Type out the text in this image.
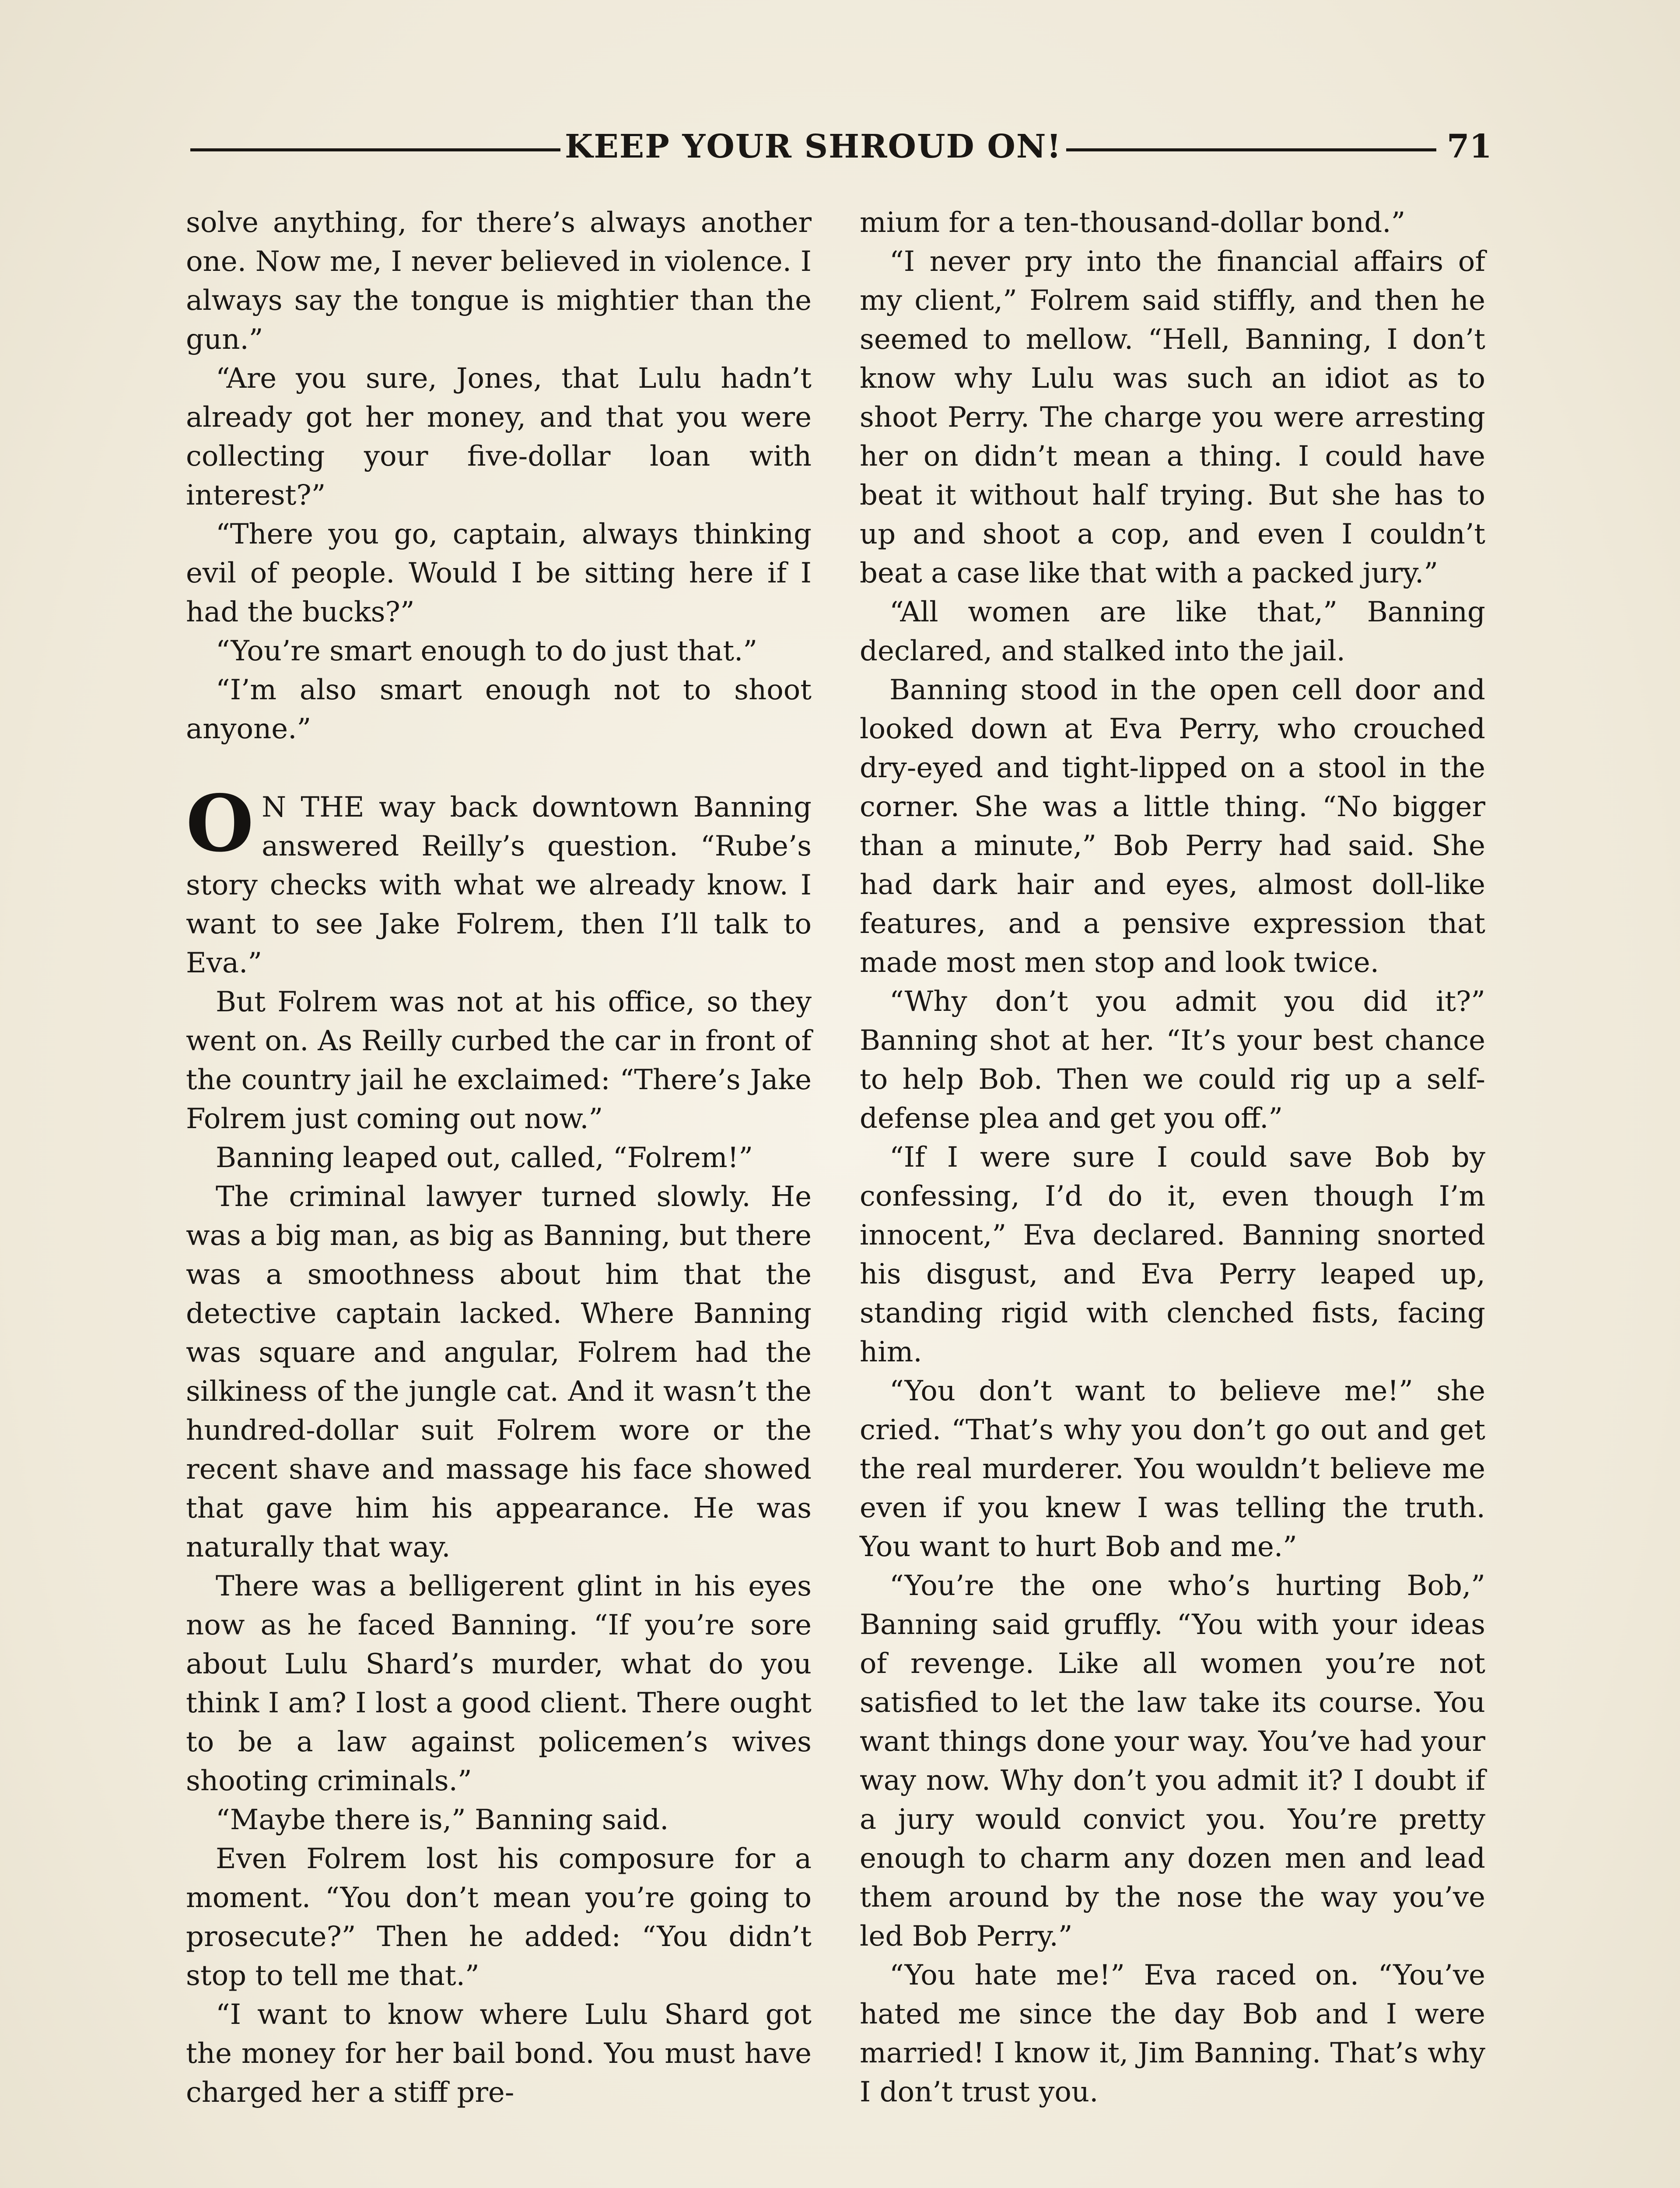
KEEP YOUR SHROUD ON!	71

solve anything, for there’s always another one. Now me, I never believed in violence. I always say the tongue is mightier than the gun.”

“Are you sure, Jones, that Lulu hadn’t already got her money, and that you were collecting your five-dollar loan with interest?”

“There you go, captain, always thinking evil of people. Would I be sitting here if I had the bucks?”

“You’re smart enough to do just that.”

“I’m also smart enough not to shoot anyone.”

O N THE way back downtown Banning answered Reilly’s question. “Rube’s story checks with what we already know. I want to see Jake Folrem, then I’ll talk to Eva.”

But Folrem was not at his office, so they went on. As Reilly curbed the car in front of the country jail he exclaimed: “There’s Jake Folrem just coming out now.”

Banning leaped out, called, “Folrem!”

The criminal lawyer turned slowly. He was a big man, as big as Banning, but there was a smoothness about him that the detective captain lacked. Where Banning was square and angular, Folrem had the silkiness of the jungle cat. And it wasn’t the hundred-dollar suit Folrem wore or the recent shave and massage his face showed that gave him his appearance. He was naturally that way.

There was a belligerent glint in his eyes now as he faced Banning. “If you’re sore about Lulu Shard’s murder, what do you think I am? I lost a good client. There ought to be a law against policemen’s wives shooting criminals.”

“Maybe there is,” Banning said.

Even Folrem lost his composure for a moment. “You don’t mean you’re going to prosecute?” Then he added: “You didn’t stop to tell me that.”

“I want to know where Lulu Shard got the money for her bail bond. You must have charged her a stiff pre-

mium for a ten-thousand-dollar bond.”

“I never pry into the financial affairs of my client,” Folrem said stiffly, and then he seemed to mellow. “Hell, Banning, I don’t know why Lulu was such an idiot as to shoot Perry. The charge you were arresting her on didn’t mean a thing. I could have beat it without half trying. But she has to up and shoot a cop, and even I couldn’t beat a case like that with a packed jury.”

“All women are like that,” Banning declared, and stalked into the jail.

Banning stood in the open cell door and looked down at Eva Perry, who crouched dry-eyed and tight-lipped on a stool in the corner. She was a little thing. “No bigger than a minute,” Bob Perry had said. She had dark hair and eyes, almost doll-like features, and a pensive expression that made most men stop and look twice.

“Why don’t you admit you did it?” Banning shot at her. “It’s your best chance to help Bob. Then we could rig up a self-defense plea and get you off.”

“If I were sure I could save Bob by confessing, I’d do it, even though I’m innocent,” Eva declared. Banning snorted his disgust, and Eva Perry leaped up, standing rigid with clenched fists, facing him.

“You don’t want to believe me!” she cried. “That’s why you don’t go out and get the real murderer. You wouldn’t believe me even if you knew I was telling the truth. You want to hurt Bob and me.”

“You’re the one who’s hurting Bob,” Banning said gruffly. “You with your ideas of revenge. Like all women you’re not satisfied to let the law take its course. You want things done your way. You’ve had your way now. Why don’t you admit it? I doubt if a jury would convict you. You’re pretty enough to charm any dozen men and lead them around by the nose the way you’ve led Bob Perry.”

“You hate me!” Eva raced on. “You’ve hated me since the day Bob and I were married! I know it, Jim Banning. That’s why I don’t trust you.
